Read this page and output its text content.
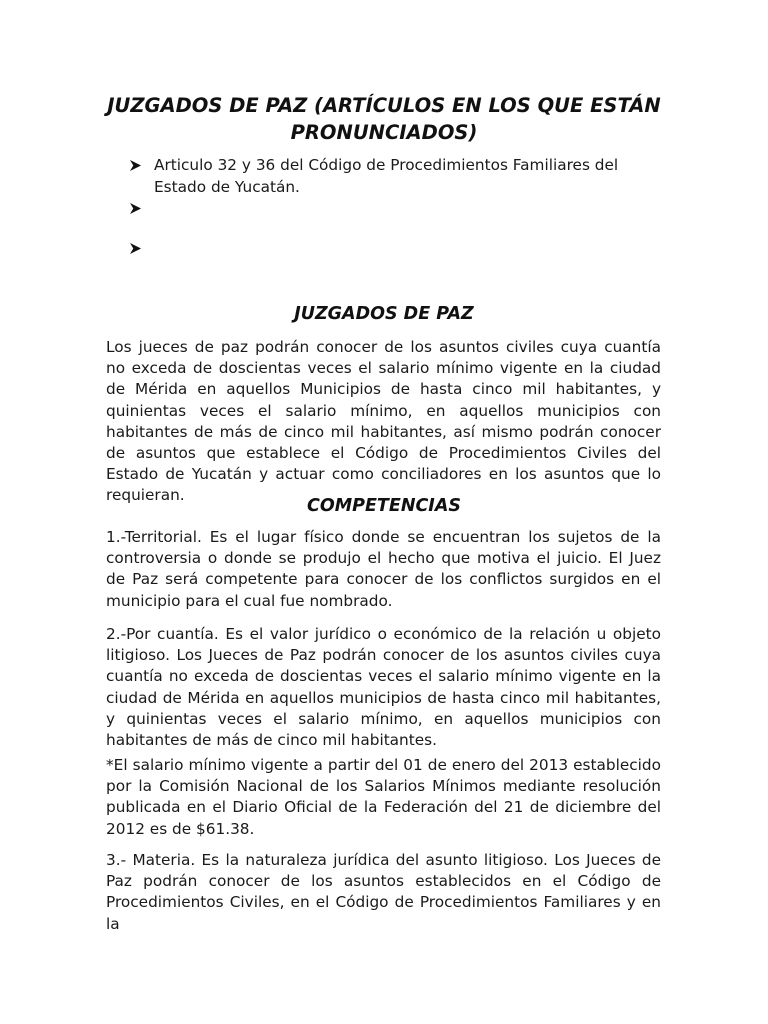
JUZGADOS DE PAZ (ARTÍCULOS EN LOS QUE ESTÁN
PRONUNCIADOS)
Articulo 32 y 36 del Código de Procedimientos Familiares del Estado de Yucatán.
JUZGADOS DE PAZ

Los jueces de paz podrán conocer de los asuntos civiles cuya cuantía no exceda de doscientas veces el salario mínimo vigente en la ciudad de Mérida en aquellos Municipios de hasta cinco mil habitantes, y quinientas veces el salario mínimo, en aquellos municipios con habitantes de más de cinco mil habitantes, así mismo podrán conocer de asuntos que establece el Código de Procedimientos Civiles del Estado de Yucatán y actuar como conciliadores en los asuntos que lo requieran.

COMPETENCIAS

1.-Territorial. Es el lugar físico donde se encuentran los sujetos de la controversia o donde se produjo el hecho que motiva el juicio. El Juez de Paz será competente para conocer de los conflictos surgidos en el municipio para el cual fue nombrado.

2.-Por cuantía. Es el valor jurídico o económico de la relación u objeto litigioso. Los Jueces de Paz podrán conocer de los asuntos civiles cuya cuantía no exceda de doscientas veces el salario mínimo vigente en la ciudad de Mérida en aquellos municipios de hasta cinco mil habitantes, y quinientas veces el salario mínimo, en aquellos municipios con habitantes de más de cinco mil habitantes.

*El salario mínimo vigente a partir del 01 de enero del 2013 establecido por la Comisión Nacional de los Salarios Mínimos mediante resolución publicada en el Diario Oficial de la Federación del 21 de diciembre del 2012 es de $61.38.

3.- Materia. Es la naturaleza jurídica del asunto litigioso. Los Jueces de Paz podrán conocer de los asuntos establecidos en el Código de Procedimientos Civiles, en el Código de Procedimientos Familiares y en la
